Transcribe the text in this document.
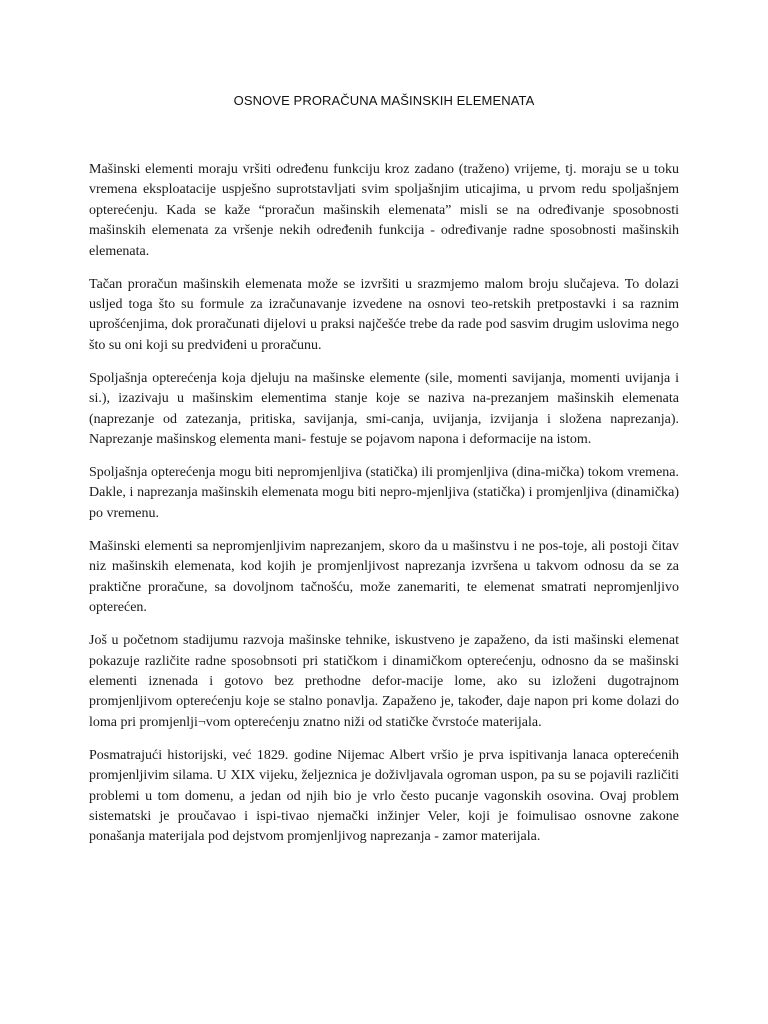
OSNOVE PRORAČUNA MAŠINSKIH ELEMENATA

Mašinski elementi moraju vršiti određenu funkciju kroz zadano (traženo) vrijeme, tj. moraju se u toku vremena eksploatacije uspješno suprotstavljati svim spoljašnjim uticajima, u prvom redu spoljašnjem opterećenju. Kada se kaže “proračun mašinskih elemenata” misli se na određivanje sposobnosti mašinskih elemenata za vršenje nekih određenih funkcija - određivanje radne sposobnosti mašinskih elemenata.

Tačan proračun mašinskih elemenata može se izvršiti u srazmjemo malom broju slučajeva. To dolazi usljed toga što su formule za izračunavanje izvedene na osnovi teo-retskih pretpostavki i sa raznim uprošćenjima, dok proračunati dijelovi u praksi najčešće trebe da rade pod sasvim drugim uslovima nego što su oni koji su predviđeni u proračunu.

Spoljašnja opterećenja koja djeluju na mašinske elemente (sile, momenti savijanja, momenti uvijanja i si.), izazivaju u mašinskim elementima stanje koje se naziva na-prezanjem mašinskih elemenata (naprezanje od zatezanja, pritiska, savijanja, smi-canja, uvijanja, izvijanja i složena naprezanja). Naprezanje mašinskog elementa mani- festuje se pojavom napona i deformacije na istom.

Spoljašnja opterećenja mogu biti nepromjenljiva (statička) ili promjenljiva (dina-mička) tokom vremena. Dakle, i naprezanja mašinskih elemenata mogu biti nepro-mjenljiva (statička) i promjenljiva (dinamička) po vremenu.

Mašinski elementi sa nepromjenljivim naprezanjem, skoro da u mašinstvu i ne pos-toje, ali postoji čitav niz mašinskih elemenata, kod kojih je promjenljivost naprezanja izvršena u takvom odnosu da se za praktične proračune, sa dovoljnom tačnošću, može zanemariti, te elemenat smatrati nepromjenljivo opterećen.

Još u početnom stadijumu razvoja mašinske tehnike, iskustveno je zapaženo, da isti mašinski elemenat pokazuje različite radne sposobnsoti pri statičkom i dinamičkom opterećenju, odnosno da se mašinski elementi iznenada i gotovo bez prethodne defor-macije lome, ako su izloženi dugotrajnom promjenljivom opterećenju koje se stalno ponavlja. Zapaženo je, također, daje napon pri kome dolazi do loma pri promjenlji¬vom opterećenju znatno niži od statičke čvrstoće materijala.

Posmatrajući historijski, već 1829. godine Nijemac Albert vršio je prva ispitivanja lanaca opterećenih promjenljivim silama. U XIX vijeku, željeznica je doživljavala ogroman uspon, pa su se pojavili različiti problemi u tom domenu, a jedan od njih bio je vrlo često pucanje vagonskih osovina. Ovaj problem sistematski je proučavao i ispi-tivao njemački inžinjer Veler, koji je foimulisao osnovne zakone ponašanja materijala pod dejstvom promjenljivog naprezanja - zamor materijala.
